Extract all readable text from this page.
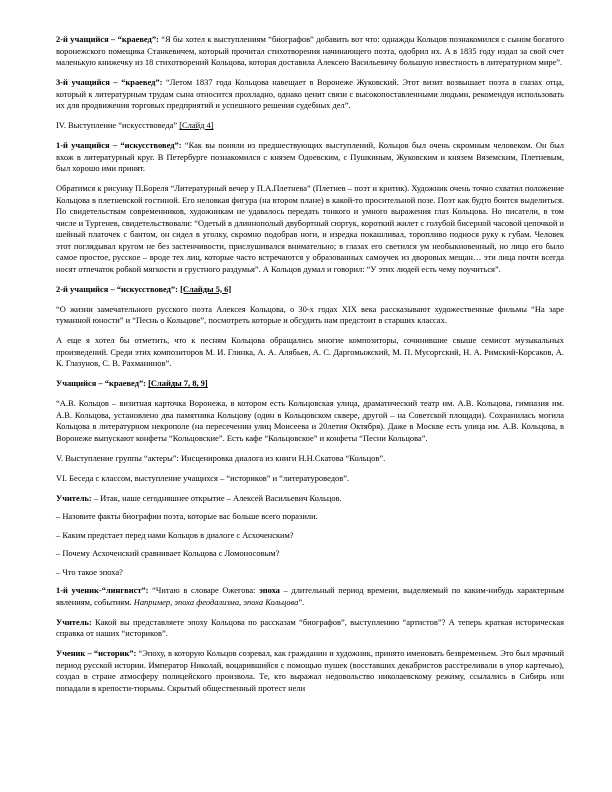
2-й учащийся – “краевед”: “Я бы хотел к выступлениям “биографов” добавить вот что: однажды Кольцов познакомился с сыном богатого воронежского помещика Станкевичем, который прочитал стихотворения начинающего поэта, одобрил их. А в 1835 году издал за свой счет маленькую книжечку из 18 стихотворений Кольцова, которая доставила Алексею Васильевичу большую известность в литературном мире”.

3-й учащийся – “краевед”: “Летом 1837 года Кольцова навещает в Воронеже Жуковский. Этот визит возвышает поэта в глазах отца, который к литературным трудам сына относится прохладно, однако ценит связи с высокопоставленными людьми, рекомендуя использовать их для продвижения торговых предприятий и успешного решения судебных дел”.

IV. Выступление “искусствоведа” [Слайд 4]

1-й учащийся – “искусствовед”: “Как вы поняли из предшествующих выступлений, Кольцов был очень скромным человеком. Он был вхож в литературный круг. В Петербурге познакомился с князем Одоевским, с Пушкиным, Жуковским и князем Вяземским, Плетневым, был хорошо ими принят.

Обратимся к рисунку П.Бореля “Литературный вечер у П.А.Плетнева” (Плетнев – поэт и критик). Художник очень точно схватил положение Кольцова в плетневской гостиной. Его неловкая фигура (на втором плане) в какой-то просительной позе. Поэт как будто боится выделиться. По свидетельствам современников, художникам не удавалось передать тонкого и умного выражения глаз Кольцова. Но писатели, в том числе и Тургенев, свидетельствовали: “Одетый в длиннополый двубортный сюртук, короткий жилет с голубой бисерной часовой цепочкой и шейный платочек с бантом, он сидел в уголку, скромно подобрав ноги, и изредка покашливал, торопливо поднося руку к губам. Человек этот поглядывал кругом не без застенчивости, прислушивался внимательно; в глазах его светился ум необыкновенный, но лицо его было самое простое, русское – вроде тех лиц, которые часто встречаются у образованных самоучек из дворовых мещан… эти лица почти всегда носят отпечаток робкой мягкости и грустного раздумья”. А Кольцов думал и говорил: “У этих людей есть чему поучиться”.

2-й учащийся – “искусствовед”: [Слайды 5, 6]

“О жизни замечательного русского поэта Алексея Кольцова, о 30-х годах XIX века рассказывают художественные фильмы “На заре туманной юности” и “Песнь о Кольцове”, посмотреть которые и обсудить нам предстоит в старших классах.

А еще я хотел бы отметить, что к песням Кольцова обращались многие композиторы, сочинившие свыше семисот музыкальных произведений. Среди этих композиторов М. И. Глинка, А. А. Алябьев, А. С. Даргомыжский, М. П. Мусоргский, Н. А. Римский-Корсаков, А. К. Глазунов, С. В. Рахманинов”.

Учащийся – “краевед”: [Слайды 7, 8, 9]

“А.В. Кольцов – визитная карточка Воронежа, в котором есть Кольцовская улица, драматический театр им. А.В. Кольцова, гимназия им. А.В. Кольцова, установлено два памятника Кольцову (один в Кольцовском сквере, другой – на Советской площади). Сохранилась могила Кольцова в литературном некрополе (на пересечении улиц Моисеева и 20летия Октября). Даже в Москве есть улица им. А.В. Кольцова, в Воронеже выпускают конфеты “Кольцовские”. Есть кафе “Кольцовское” и конфеты “Песни Кольцова”.

V. Выступление группы “актеры”: Инсценировка диалога из книги Н.Н.Скатова “Кольцов”.

VI. Беседа с классом, выступление учащихся – “историков” и “литературоведов”.

Учитель: – Итак, наше сегодняшнее открытие – Алексей Васильевич Кольцов.

– Назовите факты биографии поэта, которые вас больше всего поразили.

– Каким предстает перед нами Кольцов в диалоге с Асхоченским?

– Почему Асхоченский сравнивает Кольцова с Ломоносовым?

– Что такое эпоха?

1-й ученик-“лингвист”: “Читаю в словаре Ожегова: эпоха – длительный период времени, выделяемый по каким-нибудь характерным явлениям, событиям. Например, эпоха феодализма, эпоха Кольцова”.

Учитель: Какой вы представляете эпоху Кольцова по рассказам “биографов”, выступлению “артистов”? А теперь краткая историческая справка от наших “историков”.

Ученик – “историк”: “Эпоху, в которую Кольцов созревал, как гражданин и художник, принято именовать безвременьем. Это был мрачный период русской истории. Император Николай, воцарившийся с помощью пушек (восставших декабристов расстреливали в упор картечью), создал в стране атмосферу полицейского произвола. Те, кто выражал недовольство николаевскому режиму, ссылались в Сибирь или попадали в крепости-тюрьмы. Скрытый общественный протест нели
